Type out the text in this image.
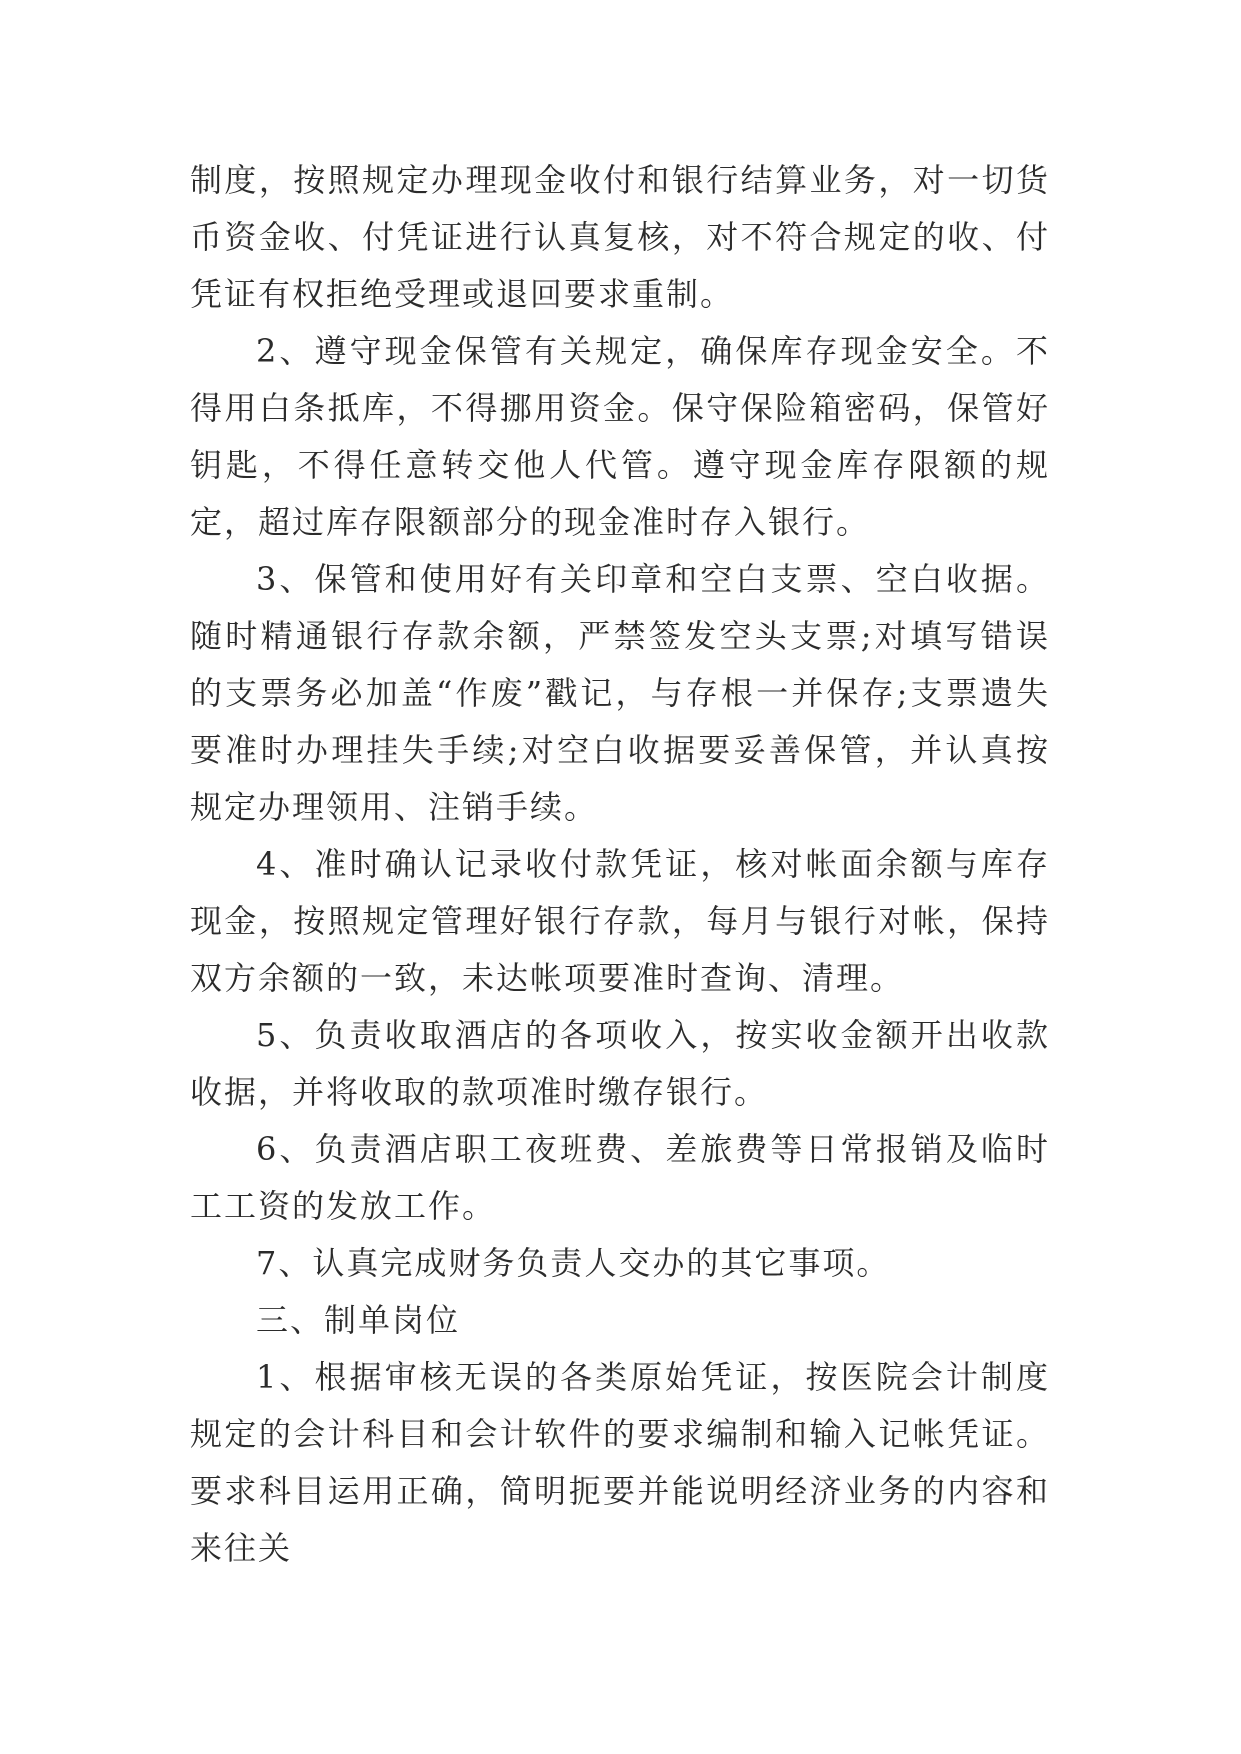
制度，按照规定办理现金收付和银行结算业务，对一切货币资金收、付凭证进行认真复核，对不符合规定的收、付凭证有权拒绝受理或退回要求重制。

2、遵守现金保管有关规定，确保库存现金安全。不得用白条抵库，不得挪用资金。保守保险箱密码，保管好钥匙，不得任意转交他人代管。遵守现金库存限额的规定，超过库存限额部分的现金准时存入银行。

3、保管和使用好有关印章和空白支票、空白收据。随时精通银行存款余额，严禁签发空头支票;对填写错误的支票务必加盖“作废”戳记，与存根一并保存;支票遗失要准时办理挂失手续;对空白收据要妥善保管，并认真按规定办理领用、注销手续。

4、准时确认记录收付款凭证，核对帐面余额与库存现金，按照规定管理好银行存款，每月与银行对帐，保持双方余额的一致，未达帐项要准时查询、清理。

5、负责收取酒店的各项收入，按实收金额开出收款收据，并将收取的款项准时缴存银行。

6、负责酒店职工夜班费、差旅费等日常报销及临时工工资的发放工作。

7、认真完成财务负责人交办的其它事项。

三、制单岗位

1、根据审核无误的各类原始凭证，按医院会计制度规定的会计科目和会计软件的要求编制和输入记帐凭证。要求科目运用正确，简明扼要并能说明经济业务的内容和来往关
